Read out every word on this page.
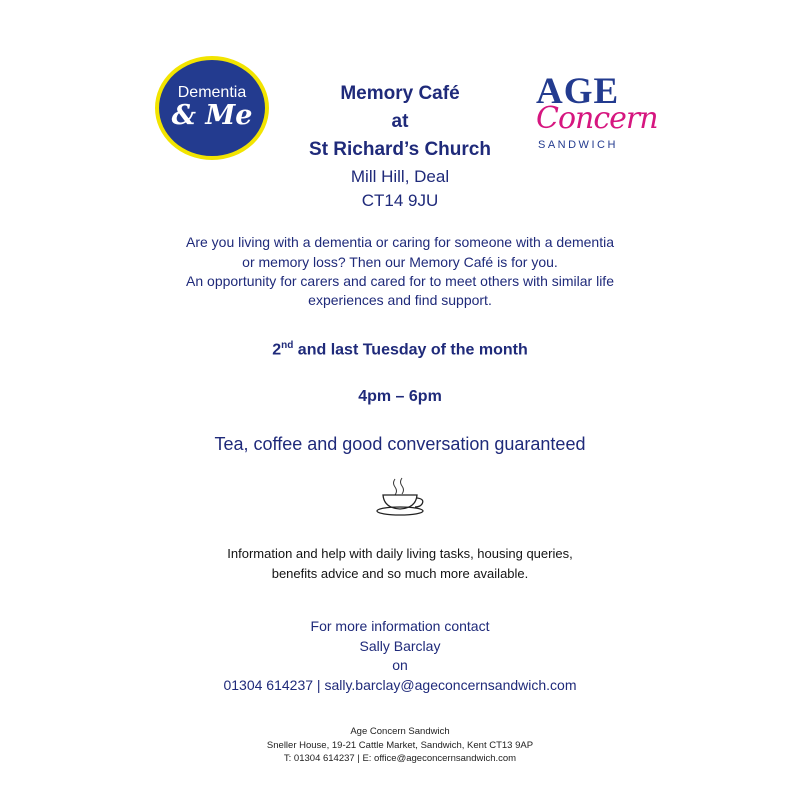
Dementia
& Me
AGE
Concern
SANDWICH
Memory Café
at
St Richard’s Church
Mill Hill, Deal
CT14 9JU
Are you living with a dementia or caring for someone with a dementia
or memory loss? Then our Memory Café is for you.
An opportunity for carers and cared for to meet others with similar life
experiences and find support.
2nd and last Tuesday of the month
4pm – 6pm
Tea, coffee and good conversation guaranteed
Information and help with daily living tasks, housing queries,
benefits advice and so much more available.
For more information contact
Sally Barclay
on
01304 614237 | sally.barclay@ageconcernsandwich.com
Age Concern Sandwich
Sneller House, 19-21 Cattle Market, Sandwich, Kent CT13 9AP
T: 01304 614237 | E: office@ageconcernsandwich.com
